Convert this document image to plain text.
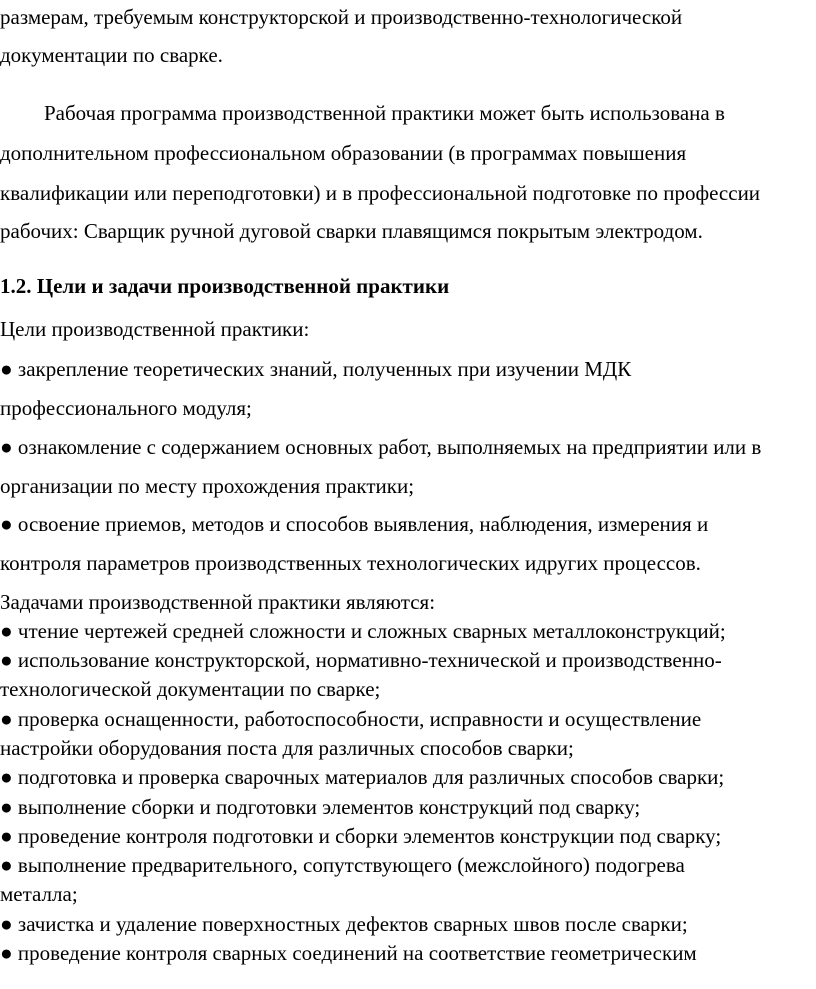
размерам, требуемым конструкторской и производственно-технологической
документации по сварке.
Рабочая программа производственной практики может быть использована в
дополнительном профессиональном образовании (в программах повышения
квалификации или переподготовки) и в профессиональной подготовке по профессии
рабочих: Сварщик ручной дуговой сварки плавящимся покрытым электродом.
1.2. Цели и задачи производственной практики
Цели производственной практики:
● закрепление теоретических знаний, полученных при изучении МДК
профессионального модуля;
● ознакомление с содержанием основных работ, выполняемых на предприятии или в
организации по месту прохождения практики;
● освоение приемов, методов и способов выявления, наблюдения, измерения и
контроля параметров производственных технологических идругих процессов.
Задачами производственной практики являются:
● чтение чертежей средней сложности и сложных сварных металлоконструкций;
● использование конструкторской, нормативно-технической и производственно-
технологической документации по сварке;
● проверка оснащенности, работоспособности, исправности и осуществление
настройки оборудования поста для различных способов сварки;
● подготовка и проверка сварочных материалов для различных способов сварки;
● выполнение сборки и подготовки элементов конструкций под сварку;
● проведение контроля подготовки и сборки элементов конструкции под сварку;
● выполнение предварительного, сопутствующего (межслойного) подогрева
металла;
● зачистка и удаление поверхностных дефектов сварных швов после сварки;
● проведение контроля сварных соединений на соответствие геометрическим
